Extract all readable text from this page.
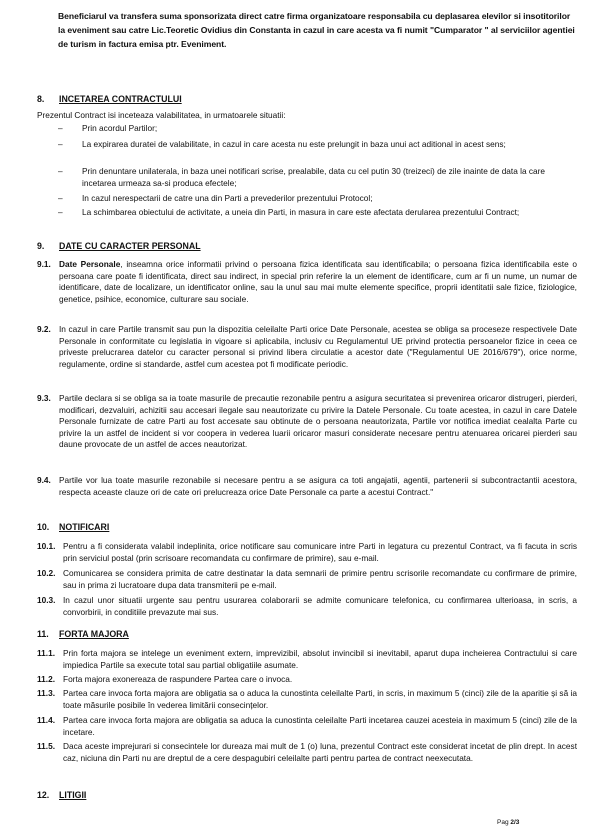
Beneficiarul va transfera suma sponsorizata direct catre firma organizatoare responsabila cu deplasarea elevilor si insotitorilor la eveniment sau catre Lic.Teoretic Ovidius din Constanta in cazul in care acesta va fi numit "Cumparator " al serviciilor agentiei de turism in factura emisa ptr. Eveniment.
8. INCETAREA CONTRACTULUI
Prezentul Contract isi inceteaza valabilitatea, in urmatoarele situatii:
– Prin acordul Partilor;
– La expirarea duratei de valabilitate, in cazul in care acesta nu este prelungit in baza unui act aditional in acest sens;
– Prin denuntare unilaterala, in baza unei notificari scrise, prealabile, data cu cel putin 30 (treizeci) de zile inainte de data la care incetarea urmeaza sa-si produca efectele;
– In cazul nerespectarii de catre una din Parti a prevederilor prezentului Protocol;
– La schimbarea obiectului de activitate, a uneia din Parti, in masura in care este afectata derularea prezentului Contract;
9. DATE CU CARACTER PERSONAL
9.1. Date Personale, inseamna orice informatii privind o persoana fizica identificata sau identificabila; o persoana fizica identificabila este o persoana care poate fi identificata, direct sau indirect, in special prin referire la un element de identificare, cum ar fi un nume, un numar de identificare, date de localizare, un identificator online, sau la unul sau mai multe elemente specifice, proprii identitatii sale fizice, fiziologice, genetice, psihice, economice, culturare sau sociale.
9.2. In cazul in care Partile transmit sau pun la dispozitia celeilalte Parti orice Date Personale, acestea se obliga sa proceseze respectivele Date Personale in conformitate cu legislatia in vigoare si aplicabila, inclusiv cu Regulamentul UE privind protectia persoanelor fizice in ceea ce priveste prelucrarea datelor cu caracter personal si privind libera circulatie a acestor date ("Regulamentul UE 2016/679"), orice norme, regulamente, ordine si standarde, astfel cum acestea pot fi modificate periodic.
9.3. Partile declara si se obliga sa ia toate masurile de precautie rezonabile pentru a asigura securitatea si prevenirea oricaror distrugeri, pierderi, modificari, dezvaluiri, achizitii sau accesari ilegale sau neautorizate cu privire la Datele Personale. Cu toate acestea, in cazul in care Datele Personale furnizate de catre Parti au fost accesate sau obtinute de o persoana neautorizata, Partile vor notifica imediat cealalta Parte cu privire la un astfel de incident si vor coopera in vederea luarii oricaror masuri considerate necesare pentru atenuarea oricarei pierderi sau daune provocate de un astfel de acces neautorizat.
9.4. Partile vor lua toate masurile rezonabile si necesare pentru a se asigura ca toti angajatii, agentii, partenerii si subcontractantii acestora, respecta aceaste clauze ori de cate ori prelucreaza orice Date Personale ca parte a acestui Contract."
10. NOTIFICARI
10.1. Pentru a fi considerata valabil indeplinita, orice notificare sau comunicare intre Parti in legatura cu prezentul Contract, va fi facuta in scris prin serviciul postal (prin scrisoare recomandata cu confirmare de primire), sau e-mail.
10.2. Comunicarea se considera primita de catre destinatar la data semnarii de primire pentru scrisorile recomandate cu confirmare de primire, sau in prima zi lucratoare dupa data transmiterii pe e-mail.
10.3. In cazul unor situatii urgente sau pentru usurarea colaborarii se admite comunicare telefonica, cu confirmarea ulterioasa, in scris, a convorbirii, in conditiile prevazute mai sus.
11. FORTA MAJORA
11.1. Prin forta majora se intelege un eveniment extern, imprevizibil, absolut invincibil si inevitabil, aparut dupa incheierea Contractului si care impiedica Partile sa execute total sau partial obligatiile asumate.
11.2. Forta majora exonereaza de raspundere Partea care o invoca.
11.3. Partea care invoca forta majora are obligatia sa o aduca la cunostinta celeilalte Parti, in scris, in maximum 5 (cinci) zile de la aparitie și să ia toate măsurile posibile în vederea limitării consecințelor.
11.4. Partea care invoca forta majora are obligatia sa aduca la cunostinta celeilalte Parti incetarea cauzei acesteia in maximum 5 (cinci) zile de la incetare.
11.5. Daca aceste imprejurari si consecintele lor dureaza mai mult de 1 (o) luna, prezentul Contract este considerat incetat de plin drept. In acest caz, niciuna din Parti nu are dreptul de a cere despagubiri celeilalte parti pentru partea de contract neexecutata.
12. LITIGII
Pag 2/3
